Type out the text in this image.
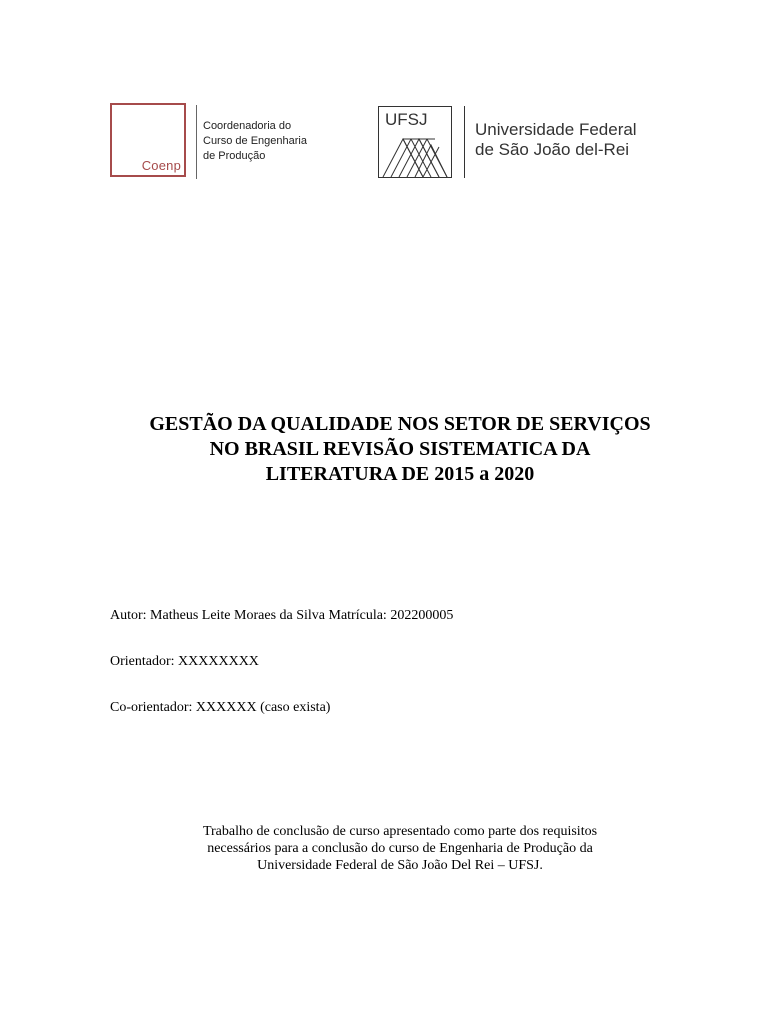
Coenp
Coordenadoria do
Curso de Engenharia
de Produção
UFSJ
Universidade Federal
de São João del-Rei
GESTÃO DA QUALIDADE NOS SETOR DE SERVIÇOS
NO BRASIL REVISÃO SISTEMATICA DA
LITERATURA DE 2015 a 2020
Autor: Matheus Leite Moraes da Silva Matrícula: 202200005
Orientador: XXXXXXXX
Co-orientador: XXXXXX (caso exista)
Trabalho de conclusão de curso apresentado como parte dos requisitos
necessários para a conclusão do curso de Engenharia de Produção da
Universidade Federal de São João Del Rei – UFSJ.
